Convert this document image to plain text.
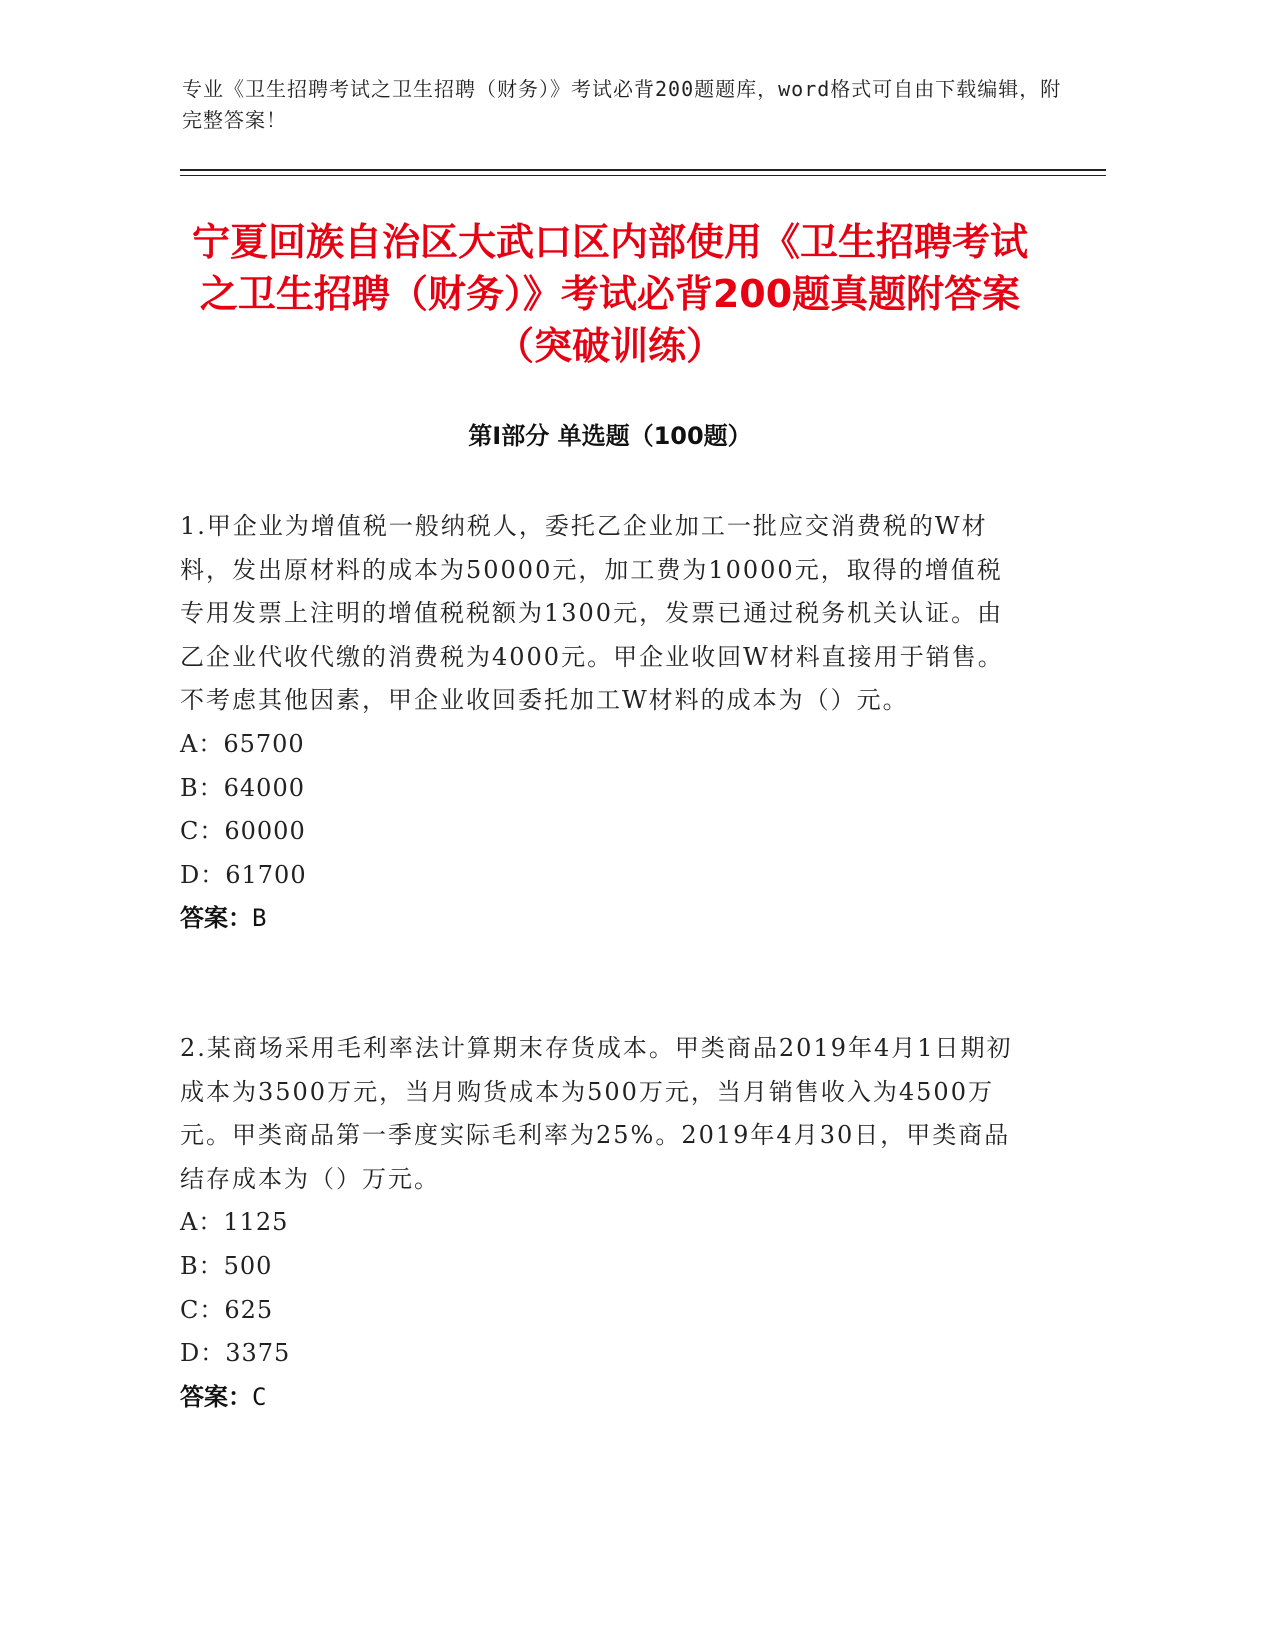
专业《卫生招聘考试之卫生招聘（财务）》考试必背200题题库，word格式可自由下载编辑，附完整答案！
宁夏回族自治区大武口区内部使用《卫生招聘考试之卫生招聘（财务）》考试必背200题真题附答案（突破训练）
第I部分 单选题（100题）

1.甲企业为增值税一般纳税人，委托乙企业加工一批应交消费税的W材料，发出原材料的成本为50000元，加工费为10000元，取得的增值税专用发票上注明的增值税税额为1300元，发票已通过税务机关认证。由乙企业代收代缴的消费税为4000元。甲企业收回W材料直接用于销售。不考虑其他因素，甲企业收回委托加工W材料的成本为（）元。

A：65700
B：64000
C：60000
D：61700

答案：B

2.某商场采用毛利率法计算期末存货成本。甲类商品2019年4月1日期初成本为3500万元，当月购货成本为500万元，当月销售收入为4500万元。甲类商品第一季度实际毛利率为25%。2019年4月30日，甲类商品结存成本为（）万元。

A：1125
B：500
C：625
D：3375

答案：C
